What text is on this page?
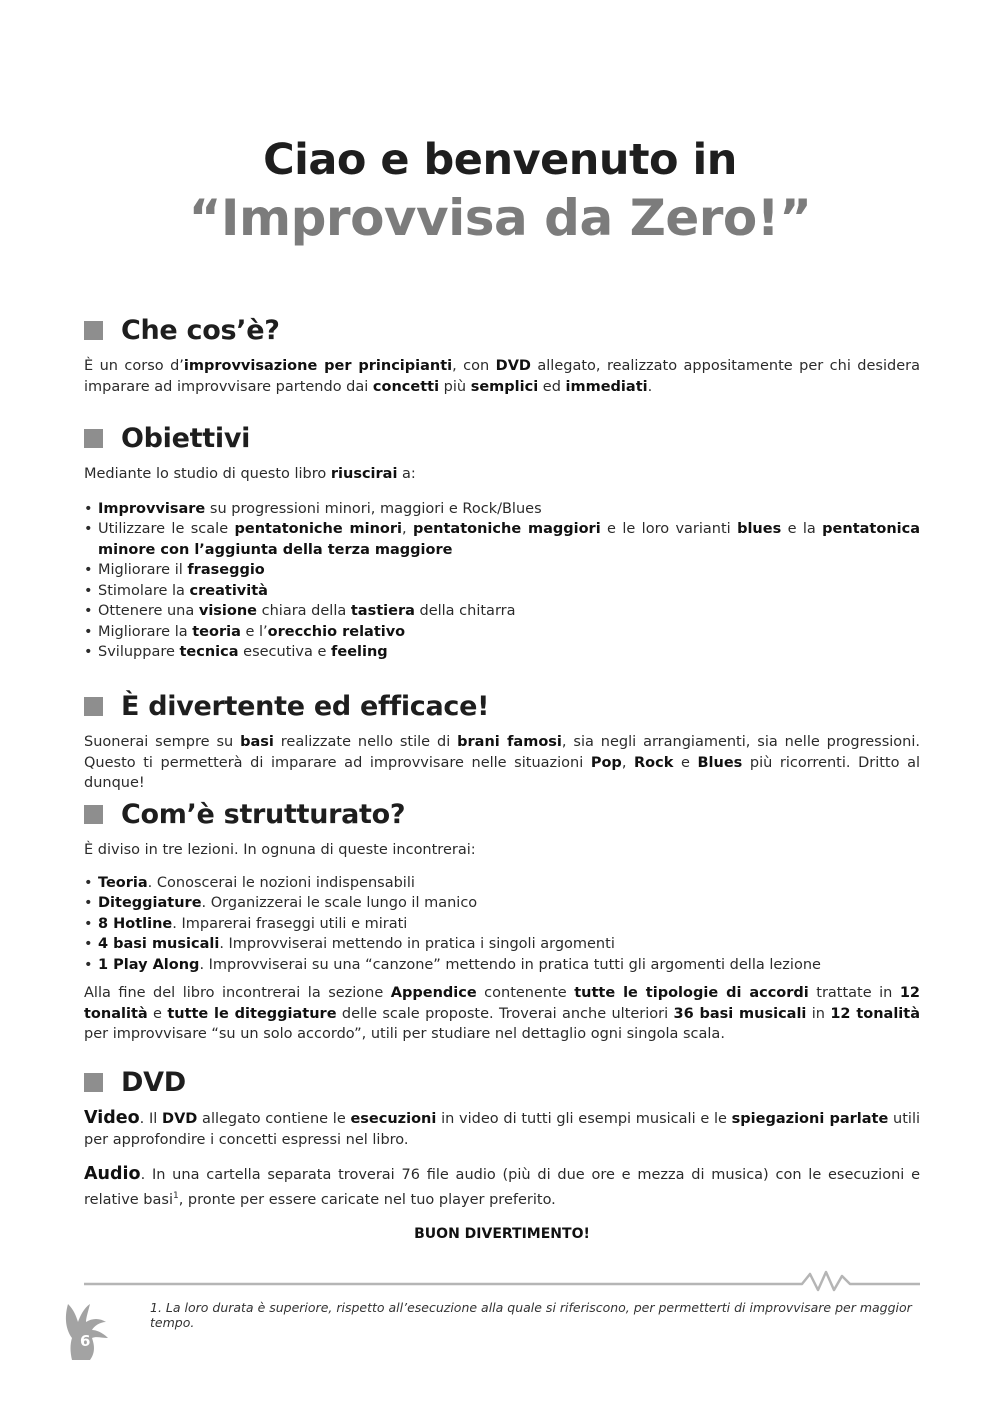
Ciao e benvenuto in
“Improvvisa da Zero!”
Che cos’è?

È un corso d’improvvisazione per principianti, con DVD allegato, realizzato appositamente per chi desidera imparare ad improvvisare partendo dai concetti più semplici ed immediati.

Obiettivi

Mediante lo studio di questo libro riuscirai a:

• Improvvisare su progressioni minori, maggiori e Rock/Blues
• Utilizzare le scale pentatoniche minori, pentatoniche maggiori e le loro varianti blues e la pentatonica minore con l’aggiunta della terza maggiore
• Migliorare il fraseggio
• Stimolare la creatività
• Ottenere una visione chiara della tastiera della chitarra
• Migliorare la teoria e l’orecchio relativo
• Sviluppare tecnica esecutiva e feeling
È divertente ed efficace!

Suonerai sempre su basi realizzate nello stile di brani famosi, sia negli arrangiamenti, sia nelle progressioni. Questo ti permetterà di imparare ad improvvisare nelle situazioni Pop, Rock e Blues più ricorrenti. Dritto al dunque!

Com’è strutturato?

È diviso in tre lezioni. In ognuna di queste incontrerai:

• Teoria. Conoscerai le nozioni indispensabili
• Diteggiature. Organizzerai le scale lungo il manico
• 8 Hotline. Imparerai fraseggi utili e mirati
• 4 basi musicali. Improvviserai mettendo in pratica i singoli argomenti
• 1 Play Along. Improvviserai su una “canzone” mettendo in pratica tutti gli argomenti della lezione

Alla fine del libro incontrerai la sezione Appendice contenente tutte le tipologie di accordi trattate in 12 tonalità e tutte le diteggiature delle scale proposte. Troverai anche ulteriori 36 basi musicali in 12 tonalità per improvvisare “su un solo accordo”, utili per studiare nel dettaglio ogni singola scala.

DVD

Video. Il DVD allegato contiene le esecuzioni in video di tutti gli esempi musicali e le spiegazioni parlate utili per approfondire i concetti espressi nel libro.

Audio. In una cartella separata troverai 76 file audio (più di due ore e mezza di musica) con le esecuzioni e relative basi$^1$, pronte per essere caricate nel tuo player preferito.

BUON DIVERTIMENTO!
1. La loro durata è superiore, rispetto all’esecuzione alla quale si riferiscono, per permetterti di improvvisare per maggior tempo.
6
